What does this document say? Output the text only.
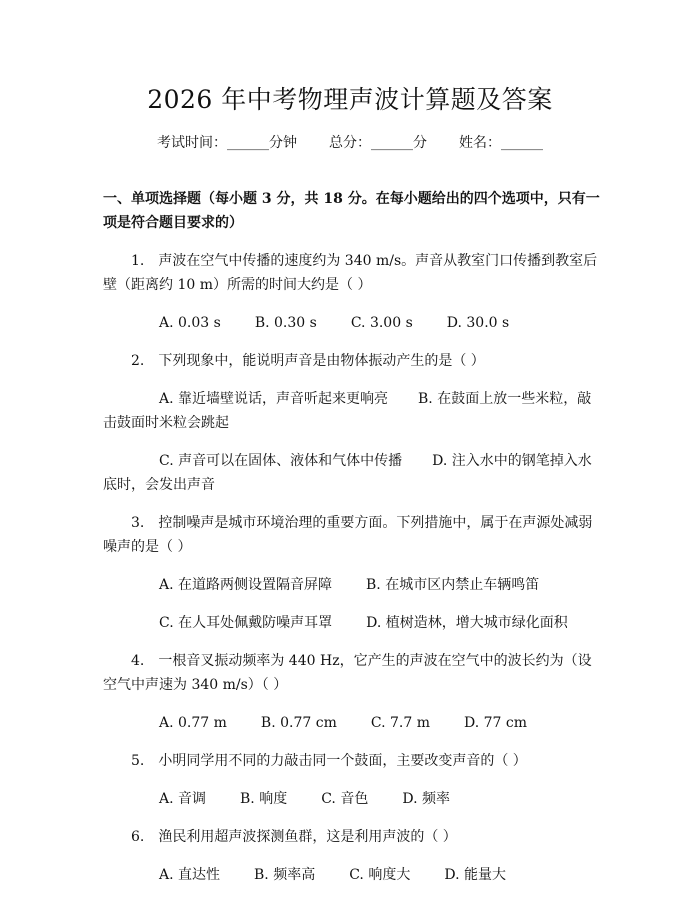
2026 年中考物理声波计算题及答案
考试时间：______分钟 总分：______分 姓名：______

一、单项选择题（每小题 3 分，共 18 分。在每小题给出的四个选项中，只有一项是符合题目要求的）

1.　声波在空气中传播的速度约为 340 m/s。声音从教室门口传播到教室后壁（距离约 10 m）所需的时间大约是（ ）

A. 0.03 s B. 0.30 s C. 3.00 s D. 30.0 s

2.　下列现象中，能说明声音是由物体振动产生的是（ ）

A. 靠近墙壁说话，声音听起来更响亮 B. 在鼓面上放一些米粒，敲击鼓面时米粒会跳起

C. 声音可以在固体、液体和气体中传播 D. 注入水中的钢笔掉入水底时，会发出声音

3.　控制噪声是城市环境治理的重要方面。下列措施中，属于在声源处减弱噪声的是（ ）

A. 在道路两侧设置隔音屏障 B. 在城市区内禁止车辆鸣笛
C. 在人耳处佩戴防噪声耳罩 D. 植树造林，增大城市绿化面积

4.　一根音叉振动频率为 440 Hz，它产生的声波在空气中的波长约为（设空气中声速为 340 m/s）（ ）

A. 0.77 m B. 0.77 cm C. 7.7 m D. 77 cm

5.　小明同学用不同的力敲击同一个鼓面，主要改变声音的（ ）

A. 音调 B. 响度 C. 音色 D. 频率

6.　渔民利用超声波探测鱼群，这是利用声波的（ ）

A. 直达性 B. 频率高 C. 响度大 D. 能量大
